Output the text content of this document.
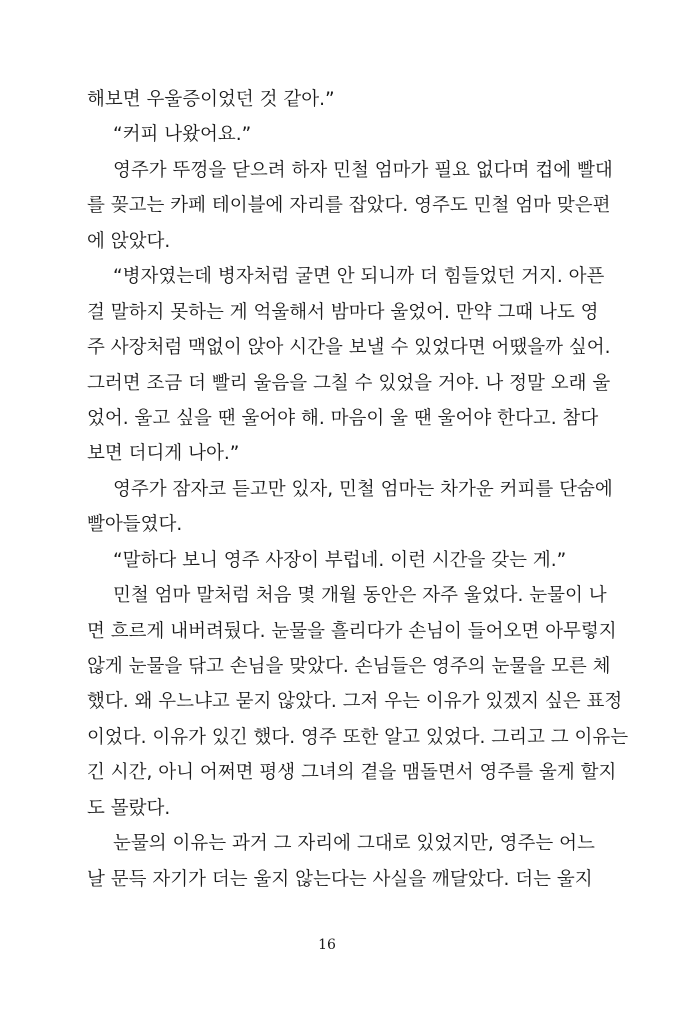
해보면 우울증이었던 것 같아.”
“커피 나왔어요.”
영주가 뚜껑을 닫으려 하자 민철 엄마가 필요 없다며 컵에 빨대
를 꽂고는 카페 테이블에 자리를 잡았다. 영주도 민철 엄마 맞은편
에 앉았다.
“병자였는데 병자처럼 굴면 안 되니까 더 힘들었던 거지. 아픈
걸 말하지 못하는 게 억울해서 밤마다 울었어. 만약 그때 나도 영
주 사장처럼 맥없이 앉아 시간을 보낼 수 있었다면 어땠을까 싶어.
그러면 조금 더 빨리 울음을 그칠 수 있었을 거야. 나 정말 오래 울
었어. 울고 싶을 땐 울어야 해. 마음이 울 땐 울어야 한다고. 참다
보면 더디게 나아.”
영주가 잠자코 듣고만 있자, 민철 엄마는 차가운 커피를 단숨에
빨아들였다.
“말하다 보니 영주 사장이 부럽네. 이런 시간을 갖는 게.”
민철 엄마 말처럼 처음 몇 개월 동안은 자주 울었다. 눈물이 나
면 흐르게 내버려뒀다. 눈물을 흘리다가 손님이 들어오면 아무렇지
않게 눈물을 닦고 손님을 맞았다. 손님들은 영주의 눈물을 모른 체
했다. 왜 우느냐고 묻지 않았다. 그저 우는 이유가 있겠지 싶은 표정
이었다. 이유가 있긴 했다. 영주 또한 알고 있었다. 그리고 그 이유는
긴 시간, 아니 어쩌면 평생 그녀의 곁을 맴돌면서 영주를 울게 할지
도 몰랐다.
눈물의 이유는 과거 그 자리에 그대로 있었지만, 영주는 어느
날 문득 자기가 더는 울지 않는다는 사실을 깨달았다. 더는 울지
16
